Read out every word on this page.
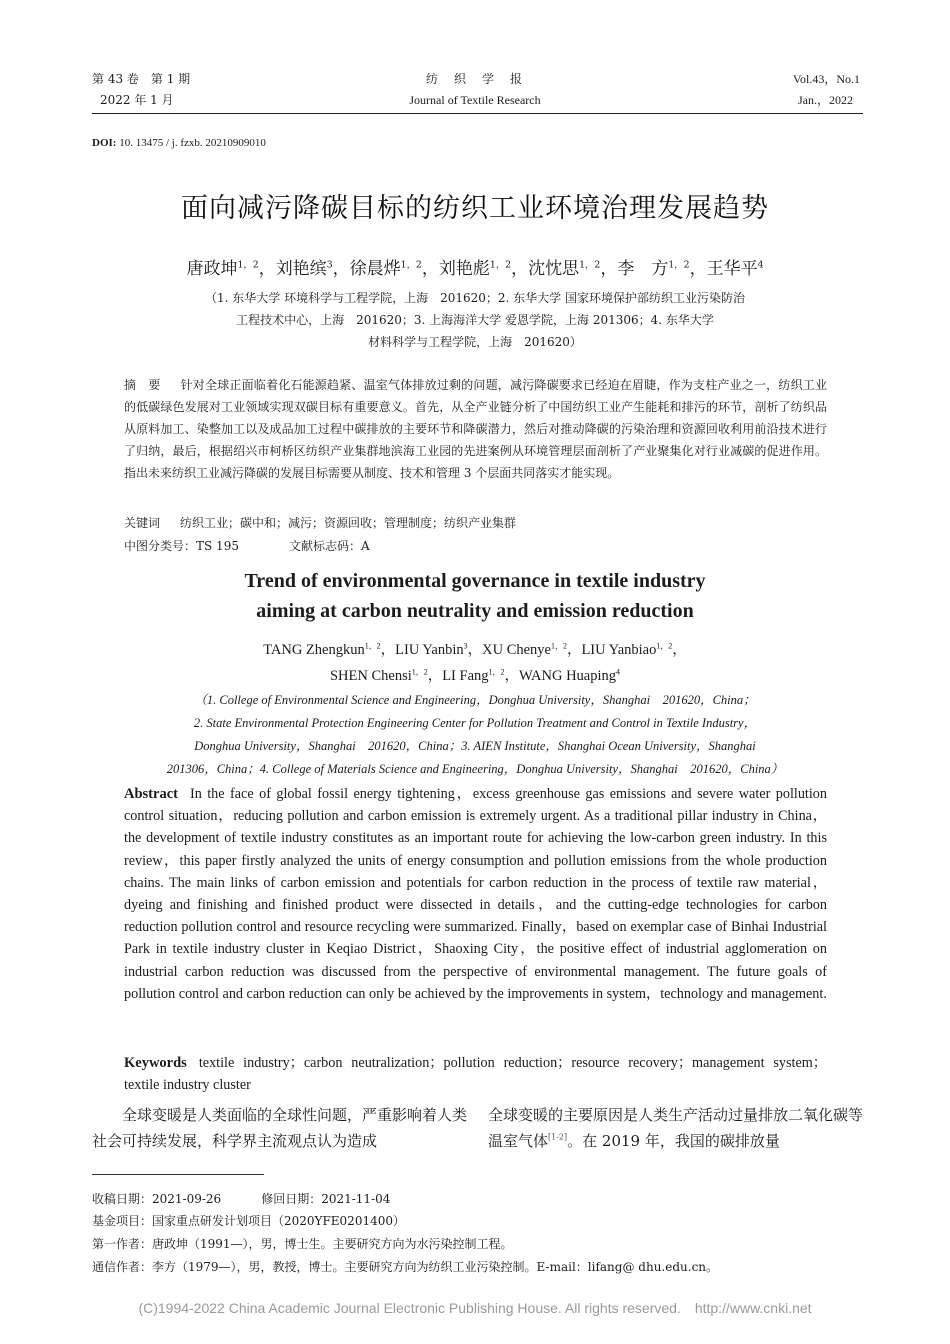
第 43 卷　第 1 期
2022 年 1 月
纺　织　学　报
Journal of Textile Research
Vol.43，No.1
Jan.，2022
DOI: 10. 13475 / j. fzxb. 20210909010
面向减污降碳目标的纺织工业环境治理发展趋势
唐政坤$^{1,2}$，刘艳缤$^3$，徐晨烨$^{1,2}$，刘艳彪$^{1,2}$，沈忱思$^{1,2}$，李　方$^{1,2}$，王华平$^4$
（1. 东华大学 环境科学与工程学院，上海　201620；2. 东华大学 国家环境保护部纺织工业污染防治
工程技术中心，上海　201620；3. 上海海洋大学 爱恩学院，上海 201306；4. 东华大学
材料科学与工程学院，上海　201620）
摘　要 针对全球正面临着化石能源趋紧、温室气体排放过剩的问题，减污降碳要求已经迫在眉睫，作为支柱产业之一，纺织工业的低碳绿色发展对工业领域实现双碳目标有重要意义。首先，从全产业链分析了中国纺织工业产生能耗和排污的环节，剖析了纺织品从原料加工、染整加工以及成品加工过程中碳排放的主要环节和降碳潜力，然后对推动降碳的污染治理和资源回收利用前沿技术进行了归纳，最后，根据绍兴市柯桥区纺织产业集群地滨海工业园的先进案例从环境管理层面剖析了产业聚集化对行业减碳的促进作用。指出未来纺织工业减污降碳的发展目标需要从制度、技术和管理 3 个层面共同落实才能实现。
关键词 纺织工业；碳中和；减污；资源回收；管理制度；纺织产业集群
中图分类号：TS 195	文献标志码：A
Trend of environmental governance in textile industry
aiming at carbon neutrality and emission reduction
TANG Zhengkun$^{1,2}$，LIU Yanbin$^3$，XU Chenye$^{1,2}$，LIU Yanbiao$^{1,2}$，
SHEN Chensi$^{1,2}$，LI Fang$^{1,2}$，WANG Huaping$^4$
（1. College of Environmental Science and Engineering，Donghua University，Shanghai　201620，China；
2. State Environmental Protection Engineering Center for Pollution Treatment and Control in Textile Industry，
Donghua University，Shanghai　201620，China；3. AIEN Institute，Shanghai Ocean University，Shanghai
201306，China；4. College of Materials Science and Engineering，Donghua University，Shanghai　201620，China）
Abstract In the face of global fossil energy tightening，excess greenhouse gas emissions and severe water pollution control situation，reducing pollution and carbon emission is extremely urgent. As a traditional pillar industry in China，the development of textile industry constitutes as an important route for achieving the low-carbon green industry. In this review，this paper firstly analyzed the units of energy consumption and pollution emissions from the whole production chains. The main links of carbon emission and potentials for carbon reduction in the process of textile raw material，dyeing and finishing and finished product were dissected in details，and the cutting-edge technologies for carbon reduction pollution control and resource recycling were summarized. Finally，based on exemplar case of Binhai Industrial Park in textile industry cluster in Keqiao District，Shaoxing City，the positive effect of industrial agglomeration on industrial carbon reduction was discussed from the perspective of environmental management. The future goals of pollution control and carbon reduction can only be achieved by the improvements in system，technology and management.
Keywords textile industry；carbon neutralization；pollution reduction；resource recovery；management system；textile industry cluster
全球变暖是人类面临的全球性问题，严重影响着人类社会可持续发展，科学界主流观点认为造成
全球变暖的主要原因是人类生产活动过量排放二氧化碳等温室气体[1-2]。在 2019 年，我国的碳排放量
收稿日期：2021-09-26	修回日期：2021-11-04
基金项目：国家重点研发计划项目（2020YFE0201400）
第一作者：唐政坤（1991—），男，博士生。主要研究方向为水污染控制工程。
通信作者：李方（1979—），男，教授，博士。主要研究方向为纺织工业污染控制。E-mail：lifang@ dhu.edu.cn。
(C)1994-2022 China Academic Journal Electronic Publishing House. All rights reserved.　http://www.cnki.net
